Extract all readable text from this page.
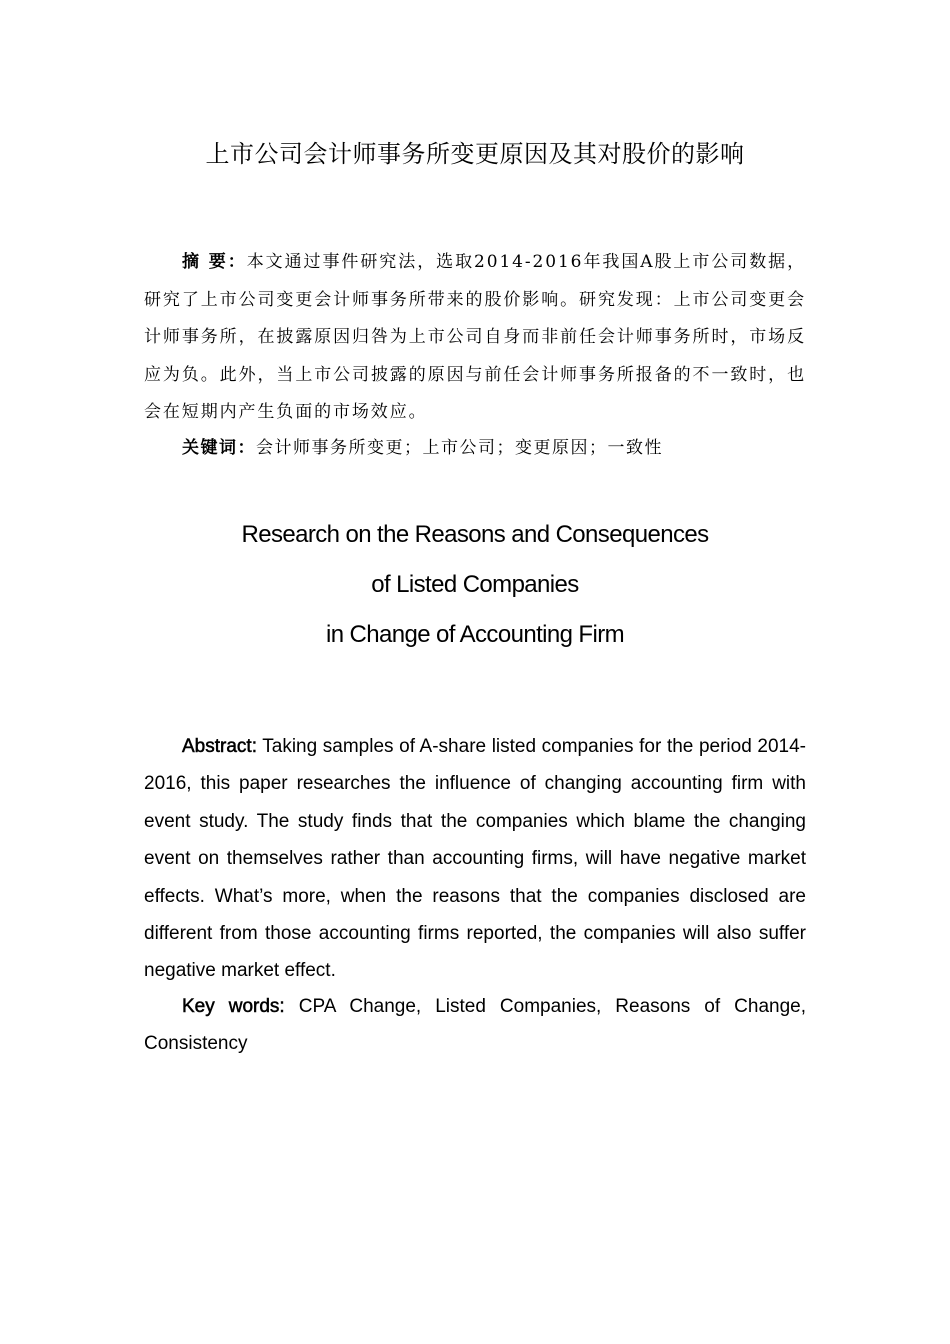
上市公司会计师事务所变更原因及其对股价的影响

摘 要：本文通过事件研究法，选取2014-2016年我国A股上市公司数据，研究了上市公司变更会计师事务所带来的股价影响。研究发现：上市公司变更会计师事务所，在披露原因归咎为上市公司自身而非前任会计师事务所时，市场反应为负。此外，当上市公司披露的原因与前任会计师事务所报备的不一致时，也会在短期内产生负面的市场效应。

关键词：会计师事务所变更；上市公司；变更原因；一致性

Research on the Reasons and Consequences
of Listed Companies
in Change of Accounting Firm

Abstract: Taking samples of A-share listed companies for the period 2014-2016, this paper researches the influence of changing accounting firm with event study. The study finds that the companies which blame the changing event on themselves rather than accounting firms, will have negative market effects. What’s more, when the reasons that the companies disclosed are different from those accounting firms reported, the companies will also suffer negative market effect.

Key words: CPA Change, Listed Companies, Reasons of Change, Consistency
